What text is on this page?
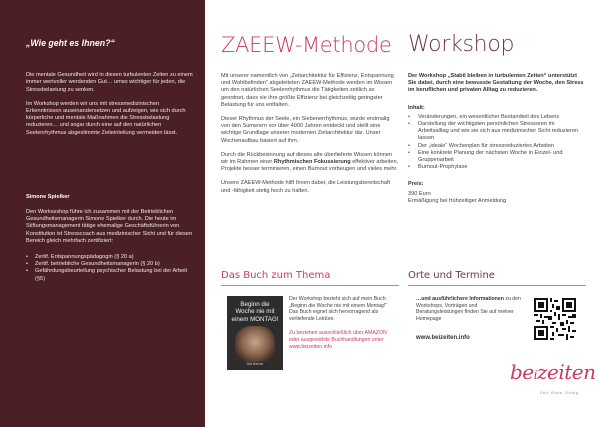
„Wie geht es Ihnen?“

Die mentale Gesundheit wird in diesen turbulenten Zeiten zu einem immer wertvoller werdenden Gut… umso wichtiger für jeden, die Stressbelastung zu senken.

Im Workshop werden wir uns mit stressmedizinischen Erkenntnissen auseinandersetzen und aufzeigen, wie sich durch körperliche und mentale Maßnahmen die Stressbelastung reduzieren… und sogar durch eine auf den natürlichen Seelenrhythmus abgestimmte Zeiteinteilung vermeiden lässt.

Simone Spielker

Den Workssshop führe ich zusammen mit der Betrieblichen Gesundheitsmanagerin Simone Spielker durch. Die heute im Stiftungsmanagement tätige ehemalige Geschäftsführerin von Konstitution ist Stresscoach aus medizinischer Sicht und für diesen Bereich gleich mehrfach zertifiziert:

• Zertif. Entspannungspädagogin (§ 20 a)
• Zertif. betriebliche Gesundheitsmanagerin (§ 20 b)
• Gefährdungsbeurteilung psychischer Belastung bei der Arbeit (§5)
ZAEEW-Methode

Mit unserer namentlich von „Zeitarchitektur für Effizienz, Entspannung und Wohlbefinden“ abgeleiteten ZAEEW-Methode werden im Wissen um den natürlichen Seelenrhythmus die Tätigkeiten zeitlich so geordnet, dass sie ihre größte Effizienz bei gleichzeitig geringster Belastung für uns entfalten.

Dieser Rhythmus der Seele, ein Siebenerrhythmus, wurde erstmalig von den Sumerern vor über 4000 Jahren entdeckt und stellt eine wichtige Grundlage unserer modernen Zeitarchitektur dar. Unser Wochenaufbau basiert auf ihm.

Durch die Rückbesinnung auf dieses alte überlieferte Wissen können wir im Rahmen einer Rhythmischen Fokussierung effektiver arbeiten, Projekte besser terminieren, einen Burnout vorbeugen und vieles mehr.

Unsere ZAEEW-Methode hilft Ihnen dabei, die Leistungsbereitschaft und -fähigkeit stetig hoch zu halten.

Workshop
Der Workshop „Stabil bleiben in turbulenten Zeiten“ unterstützt Sie dabei, durch eine bewusste Gestaltung der Woche, den Stress im beruflichen und privaten Alltag zu reduzieren.
Inhalt:
• Veränderungen, ein wesentlicher Bestandteil des Lebens
• Darstellung der wichtigsten persönlichen Stressoren im Arbeitsalltag und wie sie sich aus medizinischer Sicht reduzieren lassen
• Der „ideale“ Wochenplan für stressreduziertes Arbeiten
• Eine konkrete Planung der nächsten Woche in Einzel- und Gruppenarbeit
• Burnout-Prophylaxe
Preis:
390 Euro
Ermäßigung bei frühzeitiger Anmeldung
Das Buch zum Thema
Beginn die Woche nie mit einem MONTAG!
Dirk Bahner
Der Workshop bezieht sich auf mein Buch: „Beginn die Woche nie mit einem Montag!“ Das Buch eignet sich hervorragend als vertiefende Lektüre.
Zu beziehen ausschließlich über AMAZON oder ausgewählte Buchhandlungen unter www.beizeiten.info
Orte und Termine
…und ausführlichere Informationen zu den Workshops, Vorträgen und Beratungsleistungen finden Sie auf meiner Homepage
www.beizeiten.info
beizeiten
Zeit. Ruhe. Erfolg.
